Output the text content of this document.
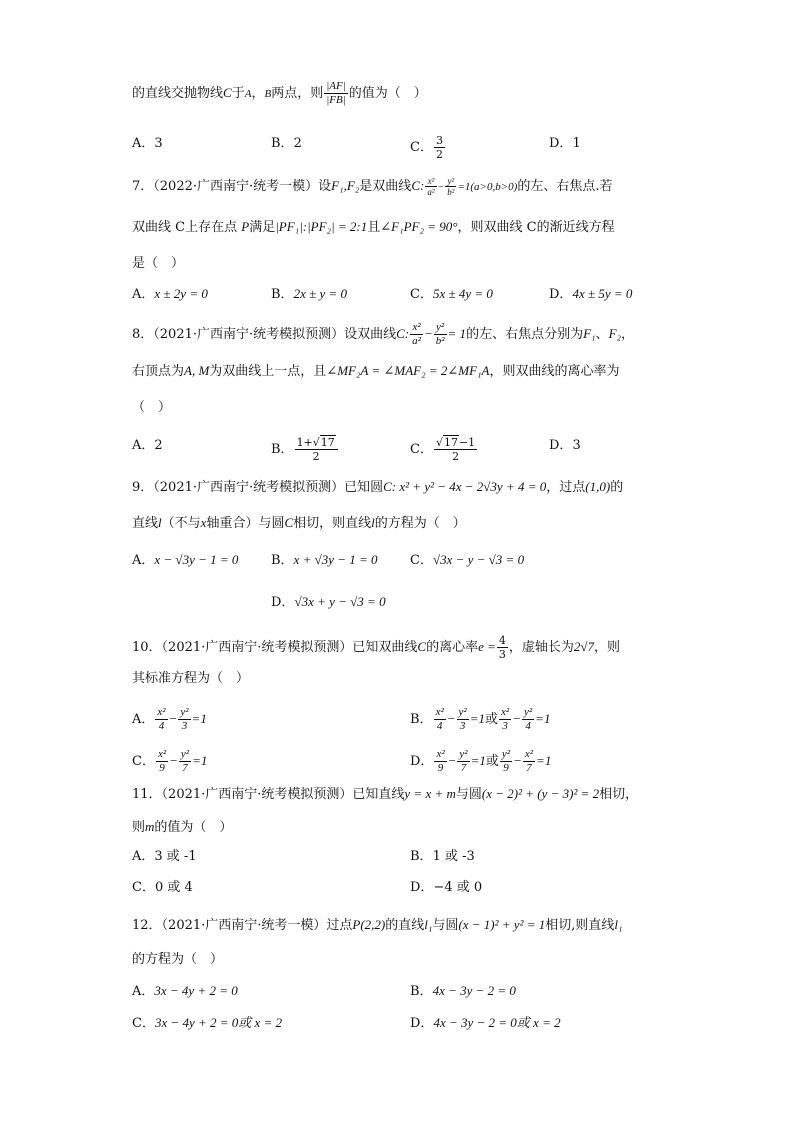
的直线交抛物线C于A，B两点，则 $\frac{|AF|}{|FB|}$ 的值为（　）
A．3	B．2	C． $\frac{3}{2}$	D．1
7．（2022·广西南宁·统考一模）设F₁,F₂是双曲线C: $\frac{\text{x²}}{\text{a²}} - \frac{\text{y²}}{\text{b²}} =1(a>0,b>0)$的左、右焦点.若
双曲线 C上存在点 P满足|PF₁|:|PF₂| = 2:1且∠F₁PF₂ = 90°，则双曲线 C的渐近线方程
是（　）
A．x ± 2y = 0	B．2x ± y = 0	C．5x ± 4y = 0	D．4x ± 5y = 0
8．（2021·广西南宁·统考模拟预测）设双曲线C: $\frac{\text{x²}}{\text{a²}} - \frac{\text{y²}}{\text{b²}} = 1$的左、右焦点分别为F₁、F₂，
右顶点为A, M为双曲线上一点，且∠MF₂A = ∠MAF₂ = 2∠MF₁A，则双曲线的离心率为
（　）
A．2	B． $\frac{1+√17}{2}$	C． $\frac{√17-1}{2}$	D．3
9．（2021·广西南宁·统考模拟预测）已知圆C: x² + y² − 4x − 2√3y + 4 = 0，过点(1,0)的
直线l（不与x轴重合）与圆C相切，则直线l的方程为（　）
A．x − √3y − 1 = 0	B．x + √3y − 1 = 0 C．√3x − y − √3 = 0
D．√3x + y − √3 = 0
10．（2021·广西南宁·统考模拟预测）已知双曲线C的离心率$e = \frac{4}{3}$ ，虚轴长为2√7，则
其标准方程为（　）
A． $\frac{\text{x²}}{4} - \frac{\text{y²}}{3} =1$	B． $\frac{\text{x²}}{4} - \frac{\text{y²}}{3} =1$或 $\frac{\text{x²}}{3} - \frac{\text{y²}}{4} =1$
C． $\frac{\text{x²}}{9} - \frac{\text{y²}}{7} =1$	D． $\frac{\text{x²}}{9} - \frac{\text{y²}}{7} =1$或 $\frac{\text{y²}}{9} - \frac{\text{x²}}{7} =1$
11．（2021·广西南宁·统考模拟预测）已知直线y = x + m与圆(x − 2)² + (y − 3)² = 2相切，
则m的值为（　）
A．3 或 -1	B．1 或 -3
C．0 或 4	D．−4 或 0
12．（2021·广西南宁·统考一模）过点P(2,2)的直线l₁与圆(x − 1)² + y² = 1相切,则直线l₁
的方程为（　）
A．3x − 4y + 2 = 0	B．4x − 3y − 2 = 0
C．3x − 4y + 2 = 0或 x = 2	D．4x − 3y − 2 = 0或 x = 2
